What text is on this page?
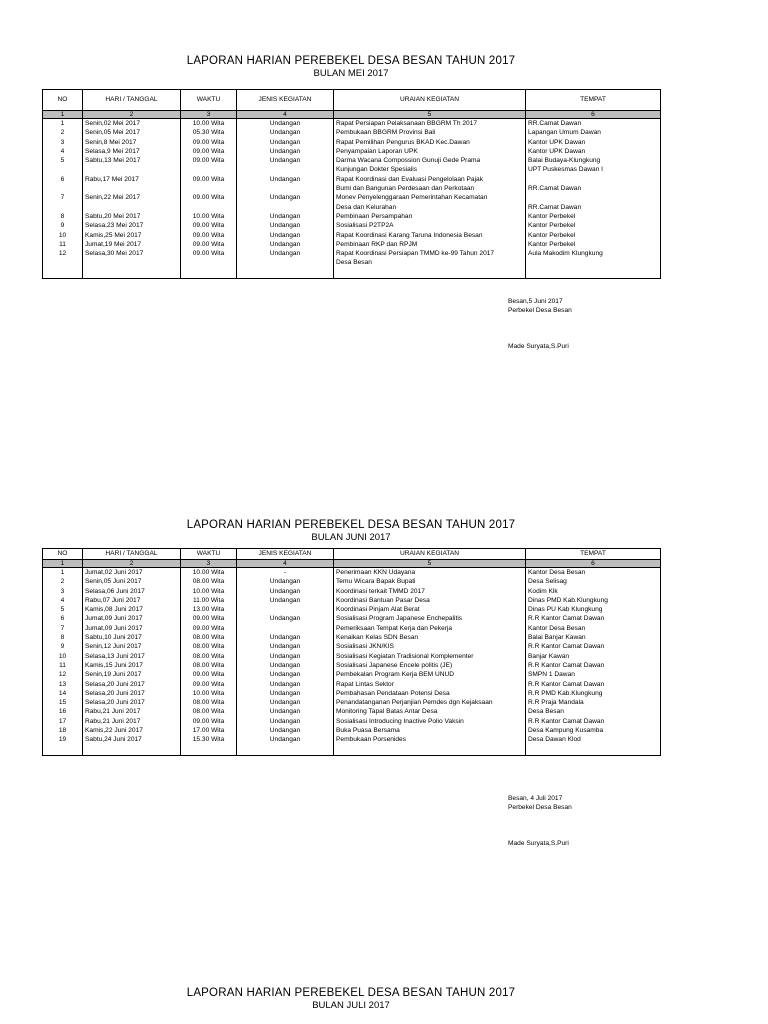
LAPORAN HARIAN PEREBEKEL DESA BESAN TAHUN 2017
BULAN MEI 2017
NO	HARI / TANGGAL	WAKTU	JENIS KEGIATAN	URAIAN KEGIATAN	TEMPAT
1	2	3	4	5	6
1	Senin,02 Mei 2017	10.00 Wita	Undangan	Rapat Persiapan Pelaksanaan BBGRM Th 2017	RR.Camat Dawan
2	Senin,05 Mei 2017	05.30 Wita	Undangan	Pembukaan BBGRM Provinsi Bali	Lapangan Umum Dawan
3	Senin,8 Mei 2017	09.00 Wita	Undangan	Rapat Pemilihan Pengurus BKAD Kec.Dawan	Kantor UPK Dawan
4	Selasa,9 Mei 2017	09.00 Wita	Undangan	Penyampaian Laporan UPK	Kantor UPK Dawan
5	Sabtu,13 Mei 2017	09.00 Wita	Undangan	Darma Wacana Compossion Gunuji Gede Prama	Balai Budaya-Klungkung
				Kunjungan Dokter Spesialis	UPT Puskesmas Dawan I
6	Rabu,17 Mei 2017	09.00 Wita	Undangan	Rapat Koordinasi dan Evaluasi Pengelolaan Pajak	
				Bumi dan Bangunan Perdesaan dan Perkotaan	RR.Camat Dawan
7	Senin,22 Mei 2017	09.00 Wita	Undangan	Monev Penyelenggaraan Pemerintahan Kecamatan	
				Desa dan Kelurahan	RR.Camat Dawan
8	Sabtu,20 Mei 2017	10.00 Wita	Undangan	Pembinaan Persampahan	Kantor Perbekel
9	Selasa,23 Mei 2017	09.00 Wita	Undangan	Sosialisasi P2TP2A	Kantor Perbekel
10	Kamis,25 Mei 2017	09.00 Wita	Undangan	Rapat Koordinasi Karang Taruna Indonesia Besan	Kantor Perbekel
11	Jumat,19 Mei 2017	09.00 Wita	Undangan	Pembinaan RKP dan RPJM	Kantor Perbekel
12	Selasa,30 Mei 2017	09.00 Wita	Undangan	Rapat Koordinasi Persiapan TMMD ke-99 Tahun 2017	Aula Makodim Klungkung
				Desa Besan	

Besan,5 Juni 2017
Perbekel Desa Besan
Made Suryata,S.Puri
LAPORAN HARIAN PEREBEKEL DESA BESAN TAHUN 2017
BULAN JUNI 2017
NO	HARI / TANGGAL	WAKTU	JENIS KEGIATAN	URAIAN KEGIATAN	TEMPAT
1	2	3	4	5	6
1	Jumat,02 Juni 2017	10.00 Wita	-	Penerimaan KKN Udayana	Kantor Desa Besan
2	Senin,05 Juni 2017	08.00 Wita	Undangan	Temu Wicara Bapak Bupati	Desa Selisag
3	Selasa,06 Juni 2017	10.00 Wita	Undangan	Koordinasi terkait TMMD 2017	Kodim Klk
4	Rabu,07 Juni 2017	11.00 Wita	Undangan	Koordinasi Bantuan Pasar Desa	Dinas PMD Kab.Klungkung
5	Kamis,08 Juni 2017	13.00 Wita		Koordinasi Pinjam Alat Berat	Dinas PU Kab Klungkung
6	Jumat,09 Juni 2017	09.00 Wita	Undangan	Sosialisasi Program Japanese Enchepalitis	R.R Kantor Camat Dawan
7	Jumat,09 Juni 2017	09.00 Wita		Pemeriksaan Tempat Kerja dan Pekerja	Kantor Desa Besan
8	Sabtu,10 Juni 2017	08.00 Wita	Undangan	Kenaikan Kelas SDN Besan	Balai Banjar Kawan
9	Senin,12 Juni 2017	08.00 Wita	Undangan	Sosialisasi JKN/KIS	R.R Kantor Camat Dawan
10	Selasa,13 Juni 2017	08.00 Wita	Undangan	Sosialisasi Kegiatan Tradisional Komplementer	Banjar Kawan
11	Kamis,15 Juni 2017	08.00 Wita	Undangan	Sosialisasi Japanese Encele politis (JE)	R.R Kantor Camat Dawan
12	Senin,19 Juni 2017	09.00 Wita	Undangan	Pembekalan Program Kerja BEM UNUD	SMPN 1 Dawan
13	Selasa,20 Juni 2017	09.00 Wita	Undangan	Rapat Lintas Sektor	R.R Kantor Camat Dawan
14	Selasa,20 Juni 2017	10.00 Wita	Undangan	Pembahasan Pendataan Potensi Desa	R.R PMD Kab.Klungkung
15	Selasa,20 Juni 2017	08.00 Wita	Undangan	Penandatanganan Perjanjian Pemdes dgn Kejaksaan	R.R Praja Mandala
16	Rabu,21 Juni 2017	08.00 Wita	Undangan	Monitoring Tapal Batas Antar Desa	Desa Besan
17	Rabu,21 Juni 2017	09.00 Wita	Undangan	Sosialisasi Introducing Inactive Polio Vaksin	R.R Kantor Camat Dawan
18	Kamis,22 Juni 2017	17.00 Wita	Undangan	Buka Puasa Bersama	Desa Kampung Kusamba
19	Sabtu,24 Juni 2017	15.30 Wita	Undangan	Pembukaan Porsenides	Desa Dawan Klod

Besan, 4 Juli 2017
Perbekel Desa Besan
Made Suryata,S.Puri
LAPORAN HARIAN PEREBEKEL DESA BESAN TAHUN 2017
BULAN JULI 2017
